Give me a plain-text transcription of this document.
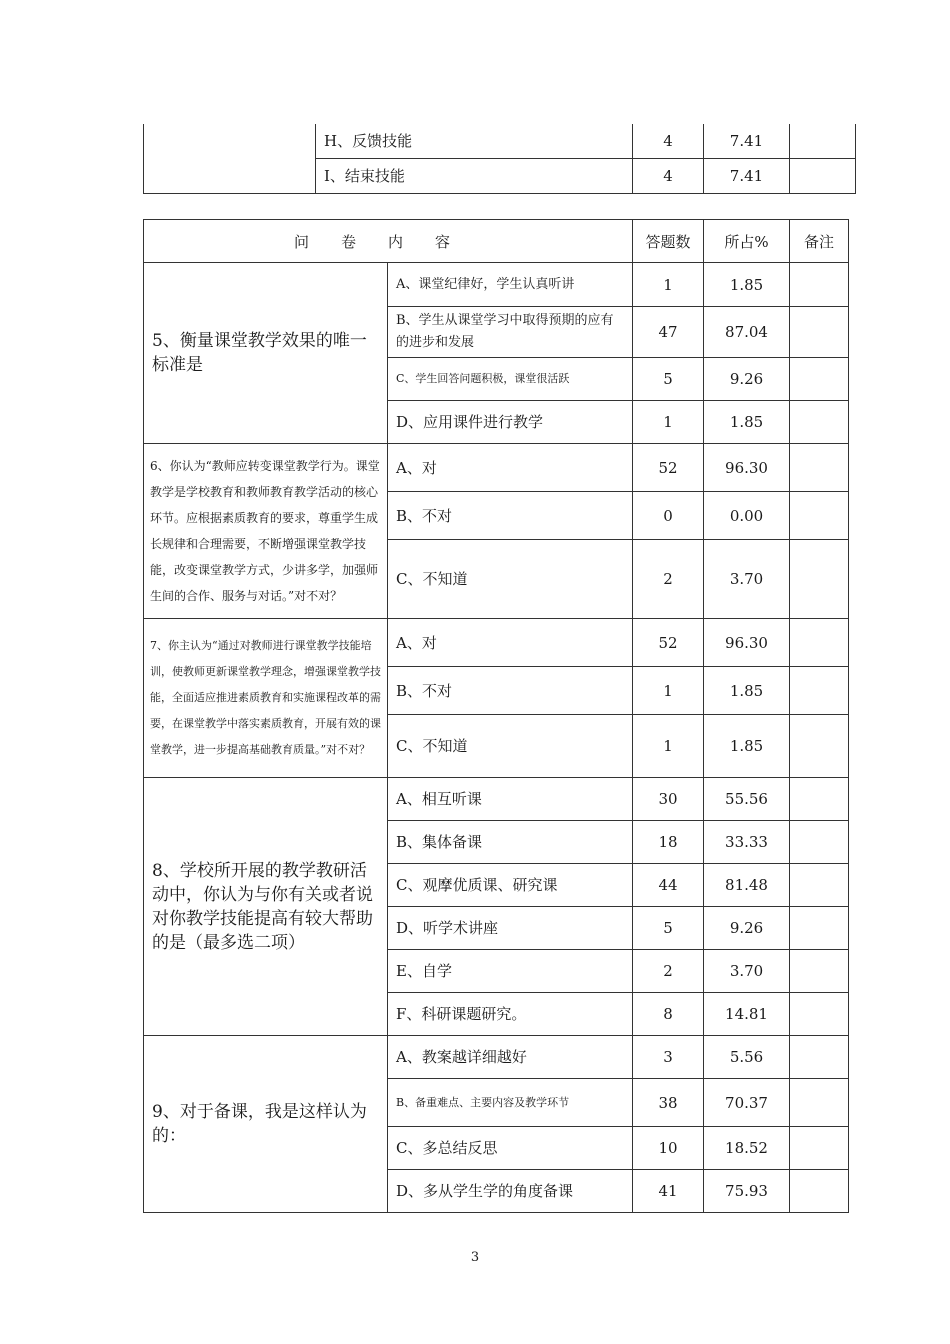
	H、反馈技能	4	7.41	
	I、结束技能	4	7.41	
问卷内容		答题数	所占%	备注
5、衡量课堂教学效果的唯一标准是	A、课堂纪律好，学生认真听讲	1	1.85	
	B、学生从课堂学习中取得预期的应有的进步和发展	47	87.04	
	C、学生回答问题积极，课堂很活跃	5	9.26	
	D、应用课件进行教学	1	1.85	
6、你认为“教师应转变课堂教学行为。课堂教学是学校教育和教师教育教学活动的核心环节。应根据素质教育的要求，尊重学生成长规律和合理需要，不断增强课堂教学技能，改变课堂教学方式，少讲多学，加强师生间的合作、服务与对话。”对不对？	A、对	52	96.30	
	B、不对	0	0.00	
	C、不知道	2	3.70	
7、你主认为“通过对教师进行课堂教学技能培训，使教师更新课堂教学理念，增强课堂教学技能，全面适应推进素质教育和实施课程改革的需要，在课堂教学中落实素质教育，开展有效的课堂教学，进一步提高基础教育质量。”对不对？	A、对	52	96.30	
	B、不对	1	1.85	
	C、不知道	1	1.85	
8、学校所开展的教学教研活动中，你认为与你有关或者说对你教学技能提高有较大帮助的是（最多选二项）	A、相互听课	30	55.56	
	B、集体备课	18	33.33	
	C、观摩优质课、研究课	44	81.48	
	D、听学术讲座	5	9.26	
	E、自学	2	3.70	
	F、科研课题研究。	8	14.81	
9、对于备课，我是这样认为的：	A、教案越详细越好	3	5.56	
	B、备重难点、主要内容及教学环节	38	70.37	
	C、多总结反思	10	18.52	
	D、多从学生学的角度备课	41	75.93	
3
